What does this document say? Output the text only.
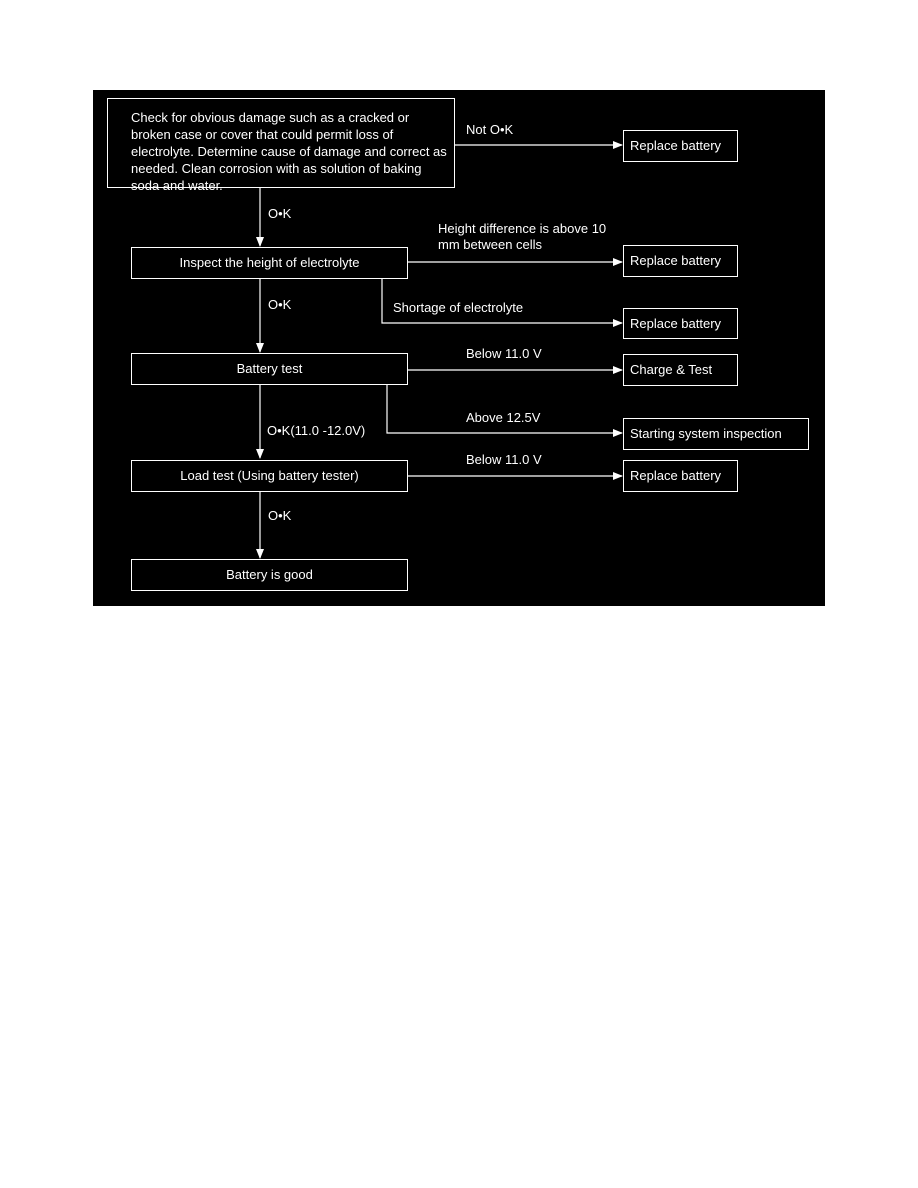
Check for obvious damage such as a cracked or broken case or cover that could permit loss of electrolyte. Determine cause of damage and correct as needed. Clean corrosion with as solution of baking soda and water.
Replace battery
Inspect the height of electrolyte	Replace battery
Replace battery
Battery test	Charge & Test
Starting system inspection
Load test (Using battery tester)	Replace battery
Battery is good
Not O•K
O•K
Height difference is above 10 mm between cells
O•K	Shortage of electrolyte
Below 11.0 V
Above 12.5V
O•K(11.0 -12.0V)
Below 11.0 V
O•K
